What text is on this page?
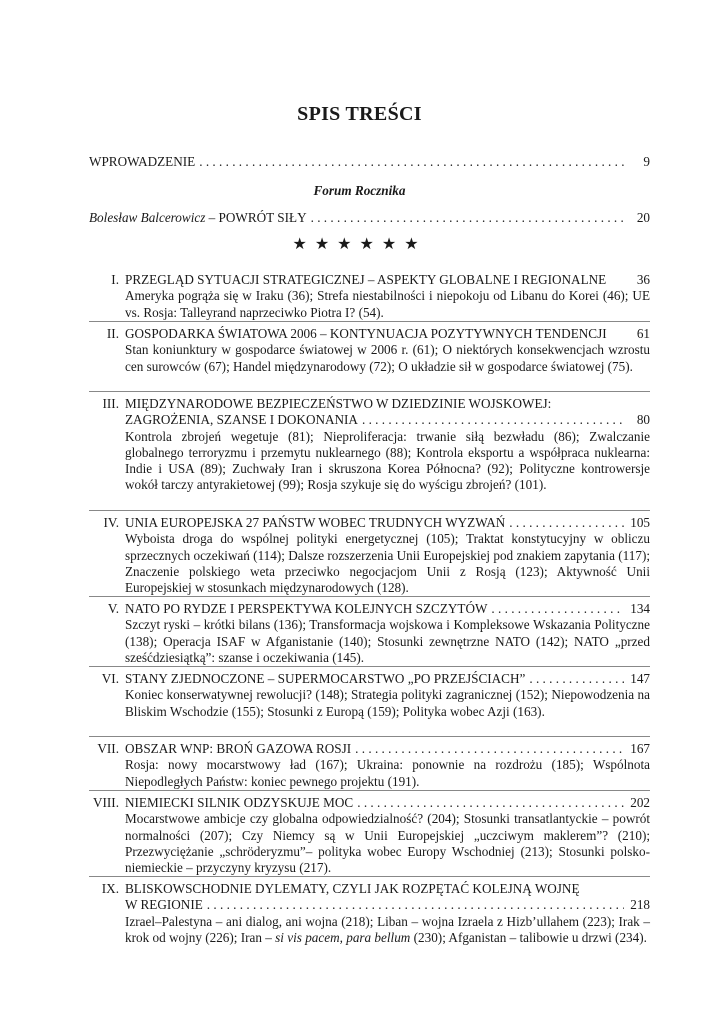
SPIS TREŚCI
WPROWADZENIE . . .	9
Forum Rocznika
Bolesław Balcerowicz – POWRÓT SIŁY . . .	20
★★★★★★
I. PRZEGLĄD SYTUACJI STRATEGICZNEJ – ASPEKTY GLOBALNE I REGIONALNE	36
Ameryka pogrąża się w Iraku (36); Strefa niestabilności i niepokoju od Libanu do Korei (46); UE vs. Rosja: Talleyrand naprzeciwko Piotra I? (54).
II. GOSPODARKA ŚWIATOWA 2006 – KONTYNUACJA POZYTYWNYCH TENDENCJI	61
Stan koniunktury w gospodarce światowej w 2006 r. (61); O niektórych konsekwencjach wzrostu cen surowców (67); Handel międzynarodowy (72); O układzie sił w gospodarce światowej (75).
III. MIĘDZYNARODOWE BEZPIECZEŃSTWO W DZIEDZINIE WOJSKOWEJ:
ZAGROŻENIA, SZANSE I DOKONANIA . . .	80
Kontrola zbrojeń wegetuje (81); Nieproliferacja: trwanie siłą bezwładu (86); Zwalczanie globalnego terroryzmu i przemytu nuklearnego (88); Kontrola eksportu a współpraca nuklearna: Indie i USA (89); Zuchwały Iran i skruszona Korea Północna? (92); Polityczne kontrowersje wokół tarczy antyrakietowej (99); Rosja szykuje się do wyścigu zbrojeń? (101).
IV. UNIA EUROPEJSKA 27 PAŃSTW WOBEC TRUDNYCH WYZWAŃ . . .	105
Wyboista droga do wspólnej polityki energetycznej (105); Traktat konstytucyjny w obliczu sprzecznych oczekiwań (114); Dalsze rozszerzenia Unii Europejskiej pod znakiem zapytania (117); Znaczenie polskiego weta przeciwko negocjacjom Unii z Rosją (123); Aktywność Unii Europejskiej w stosunkach międzynarodowych (128).
V. NATO PO RYDZE I PERSPEKTYWA KOLEJNYCH SZCZYTÓW . . .	134
Szczyt ryski – krótki bilans (136); Transformacja wojskowa i Kompleksowe Wskazania Polityczne (138); Operacja ISAF w Afganistanie (140); Stosunki zewnętrzne NATO (142); NATO „przed sześćdziesiątką”: szanse i oczekiwania (145).
VI. STANY ZJEDNOCZONE – SUPERMOCARSTWO „PO PRZEJŚCIACH” . . .	147
Koniec konserwatywnej rewolucji? (148); Strategia polityki zagranicznej (152); Niepowodzenia na Bliskim Wschodzie (155); Stosunki z Europą (159); Polityka wobec Azji (163).
VII. OBSZAR WNP: BROŃ GAZOWA ROSJI . . .	167
Rosja: nowy mocarstwowy ład (167); Ukraina: ponownie na rozdrożu (185); Wspólnota Niepodległych Państw: koniec pewnego projektu (191).
VIII. NIEMIECKI SILNIK ODZYSKUJE MOC . . .	202
Mocarstwowe ambicje czy globalna odpowiedzialność? (204); Stosunki transatlantyckie – powrót normalności (207); Czy Niemcy są w Unii Europejskiej „uczciwym maklerem”? (210); Przezwyciężanie „schröderyzmu”– polityka wobec Europy Wschodniej (213); Stosunki polsko-niemieckie – przyczyny kryzysu (217).
IX. BLISKOWSCHODNIE DYLEMATY, CZYLI JAK ROZPĘTAĆ KOLEJNĄ WOJNĘ
W REGIONIE . . .	218
Izrael–Palestyna – ani dialog, ani wojna (218); Liban – wojna Izraela z Hizb’ullahem (223); Irak – krok od wojny (226); Iran – si vis pacem, para bellum (230); Afganistan – talibowie u drzwi (234).
